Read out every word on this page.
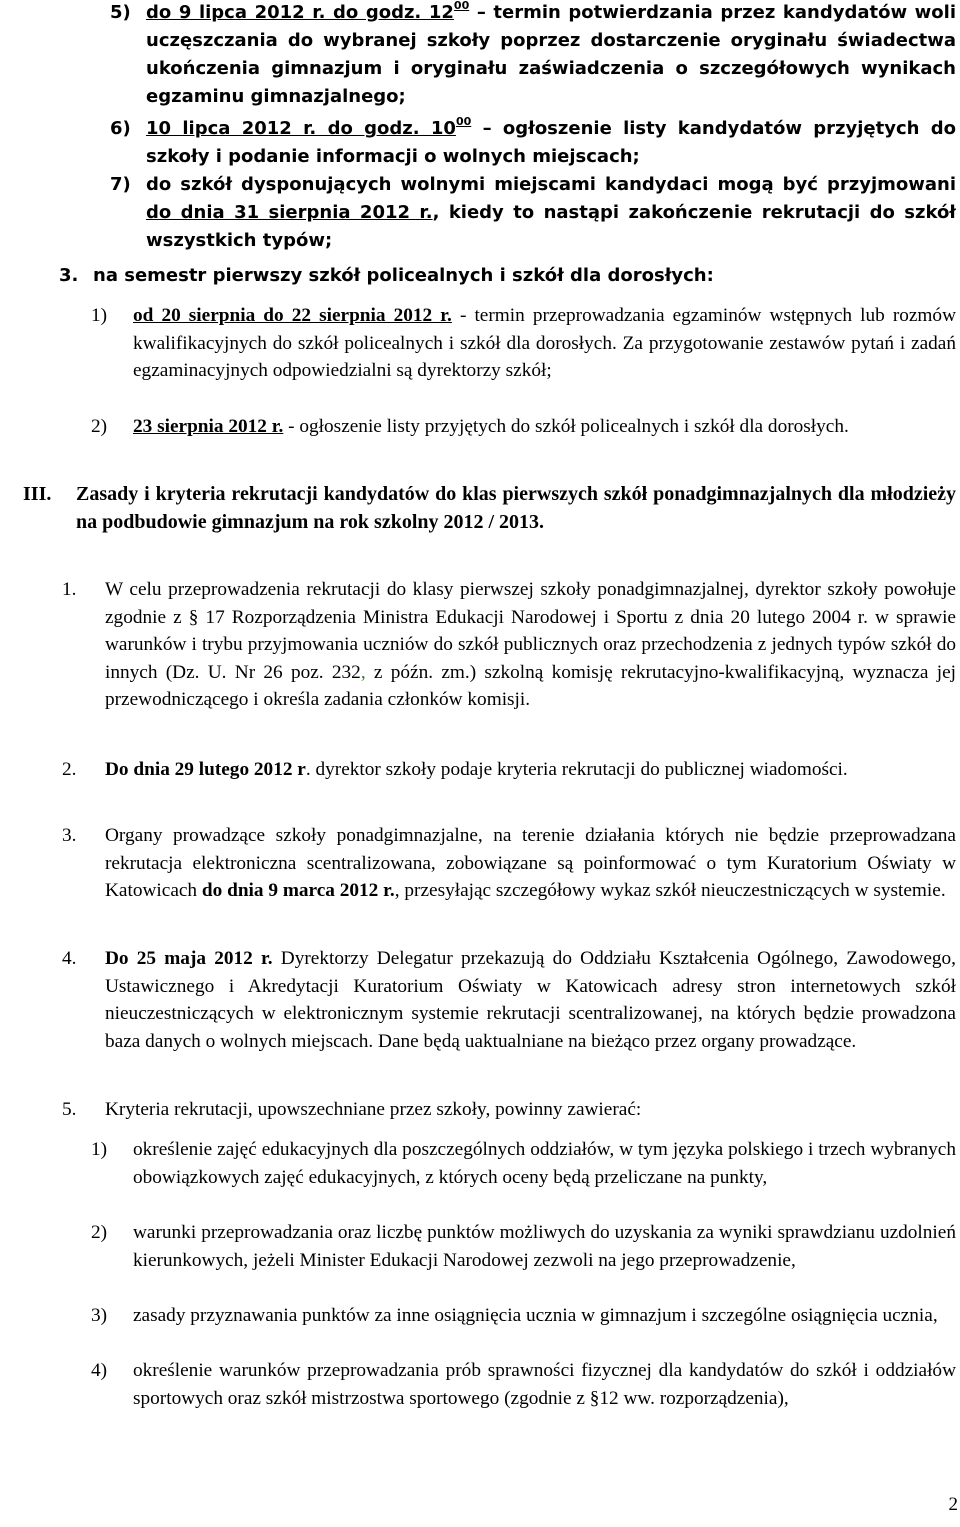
5) do 9 lipca 2012 r. do godz. $12^{00}$ – termin potwierdzania przez kandydatów woli uczęszczania do wybranej szkoły poprzez dostarczenie oryginału świadectwa ukończenia gimnazjum i oryginału zaświadczenia o szczegółowych wynikach egzaminu gimnazjalnego;
6) 10 lipca 2012 r. do godz. $10^{00}$ – ogłoszenie listy kandydatów przyjętych do szkoły i podanie informacji o wolnych miejscach;
7) do szkół dysponujących wolnymi miejscami kandydaci mogą być przyjmowani do dnia 31 sierpnia 2012 r., kiedy to nastąpi zakończenie rekrutacji do szkół wszystkich typów;
3. na semestr pierwszy szkół policealnych i szkół dla dorosłych:
1)	od 20 sierpnia do 22 sierpnia 2012 r. - termin przeprowadzania egzaminów wstępnych lub rozmów kwalifikacyjnych do szkół policealnych i szkół dla dorosłych. Za przygotowanie zestawów pytań i zadań egzaminacyjnych odpowiedzialni są dyrektorzy szkół;
2)	23 sierpnia 2012 r. - ogłoszenie listy przyjętych do szkół policealnych i szkół dla dorosłych.
III.	Zasady i kryteria rekrutacji kandydatów do klas pierwszych szkół ponadgimnazjalnych dla młodzieży na podbudowie gimnazjum na rok szkolny 2012 / 2013.
1.	W celu przeprowadzenia rekrutacji do klasy pierwszej szkoły ponadgimnazjalnej, dyrektor szkoły powołuje zgodnie z § 17 Rozporządzenia Ministra Edukacji Narodowej i Sportu z dnia 20 lutego 2004 r. w sprawie warunków i trybu przyjmowania uczniów do szkół publicznych oraz przechodzenia z jednych typów szkół do innych (Dz. U. Nr 26 poz. 232, z późn. zm.) szkolną komisję rekrutacyjno-kwalifikacyjną, wyznacza jej przewodniczącego i określa zadania członków komisji.
2.	Do dnia 29 lutego 2012 r. dyrektor szkoły podaje kryteria rekrutacji do publicznej wiadomości.
3.	Organy prowadzące szkoły ponadgimnazjalne, na terenie działania których nie będzie przeprowadzana rekrutacja elektroniczna scentralizowana, zobowiązane są poinformować o tym Kuratorium Oświaty w Katowicach do dnia 9 marca 2012 r., przesyłając szczegółowy wykaz szkół nieuczestniczących w systemie.
4.	Do 25 maja 2012 r. Dyrektorzy Delegatur przekazują do Oddziału Kształcenia Ogólnego, Zawodowego, Ustawicznego i Akredytacji Kuratorium Oświaty w Katowicach adresy stron internetowych szkół nieuczestniczących w elektronicznym systemie rekrutacji scentralizowanej, na których będzie prowadzona baza danych o wolnych miejscach. Dane będą uaktualniane na bieżąco przez organy prowadzące.
5.	Kryteria rekrutacji, upowszechniane przez szkoły, powinny zawierać:
1)	określenie zajęć edukacyjnych dla poszczególnych oddziałów, w tym języka polskiego i trzech wybranych obowiązkowych zajęć edukacyjnych, z których oceny będą przeliczane na punkty,
2)	warunki przeprowadzania oraz liczbę punktów możliwych do uzyskania za wyniki sprawdzianu uzdolnień kierunkowych, jeżeli Minister Edukacji Narodowej zezwoli na jego przeprowadzenie,
3)	zasady przyznawania punktów za inne osiągnięcia ucznia w gimnazjum i szczególne osiągnięcia ucznia,
4)	określenie warunków przeprowadzania prób sprawności fizycznej dla kandydatów do szkół i oddziałów sportowych oraz szkół mistrzostwa sportowego (zgodnie z §12 ww. rozporządzenia),
2
